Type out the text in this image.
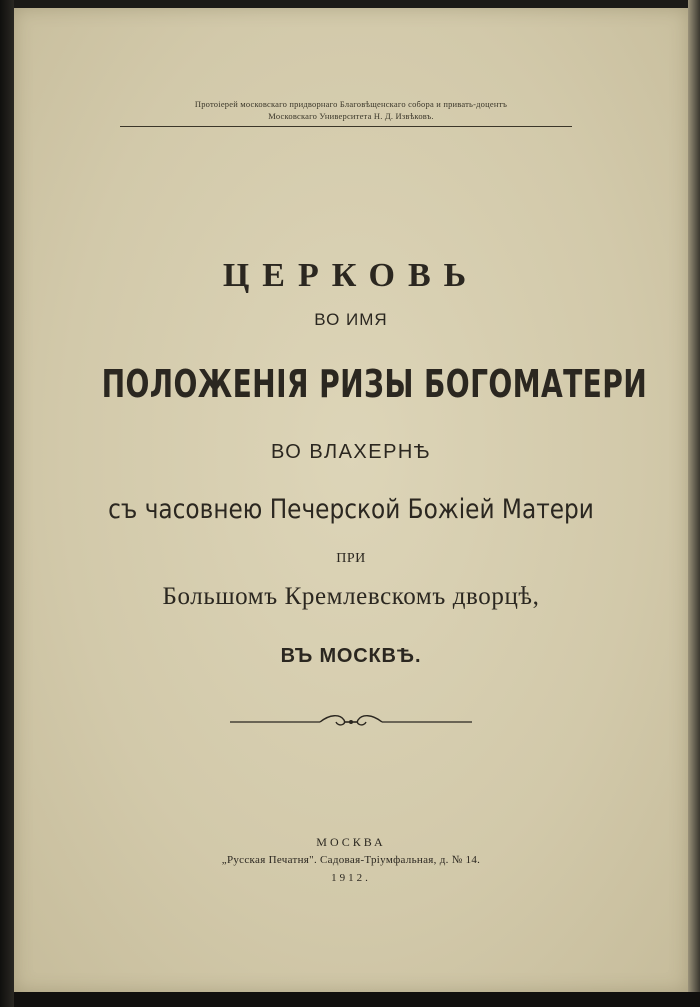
Протоiерей московскаго придворнаго Благовѣщенскаго собора и привать-доцентъ
Московскаго Университета Н. Д. Извѣковъ.
ЦЕРКОВЬ
ВО ИМЯ
ПОЛОЖЕНIЯ РИЗЫ БОГОМАТЕРИ
ВО ВЛАХЕРНѢ
съ часовнею Печерской Божiей Матери
ПРИ
Большомъ Кремлевскомъ дворцѣ,
ВЪ МОСКВѢ.
МОСКВА
„Русская Печатня". Садовая-Трiумфальная, д. № 14.
1912.
